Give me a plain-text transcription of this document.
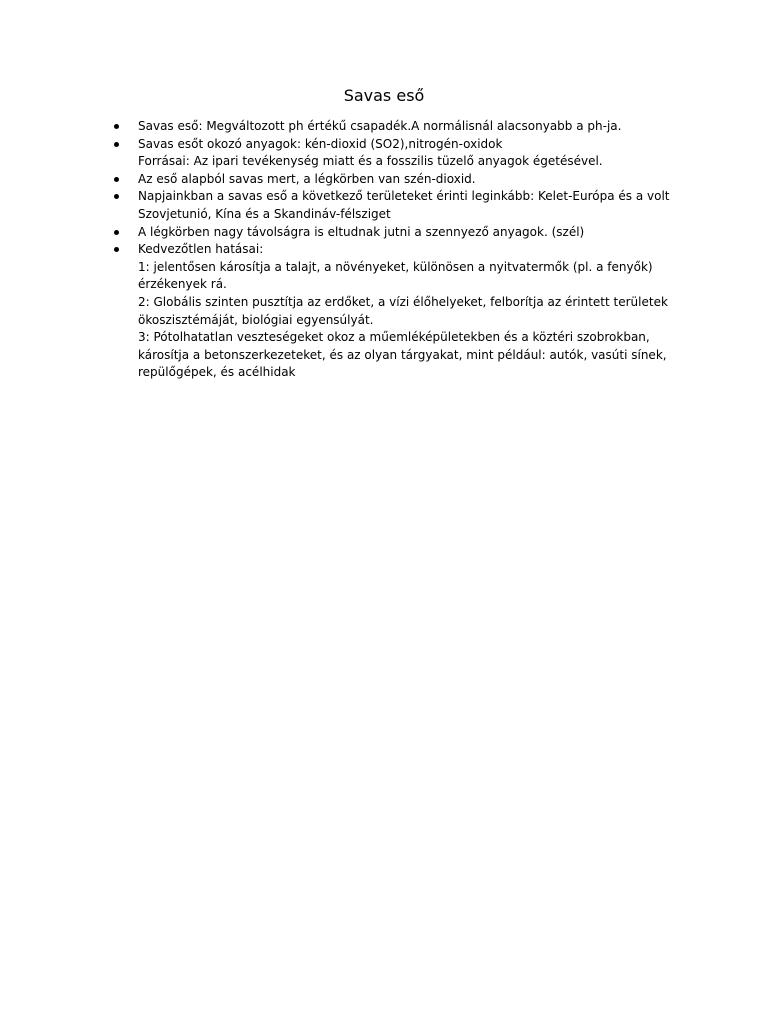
Savas eső
Savas eső: Megváltozott ph értékű csapadék.A normálisnál alacsonyabb a ph-ja.
Savas esőt okozó anyagok: kén-dioxid (SO2),nitrogén-oxidok
Forrásai: Az ipari tevékenység miatt és a fosszilis tüzelő anyagok égetésével.
Az eső alapból savas mert, a légkörben van szén-dioxid.
Napjainkban a savas eső a következő területeket érinti leginkább: Kelet-Európa és a volt
Szovjetunió, Kína és a Skandináv-félsziget
A légkörben nagy távolságra is eltudnak jutni a szennyező anyagok. (szél)
Kedvezőtlen hatásai:
1: jelentősen károsítja a talajt, a növényeket, különösen a nyitvatermők (pl. a fenyők)
érzékenyek rá.
2: Globális szinten pusztítja az erdőket, a vízi élőhelyeket, felborítja az érintett területek
ökoszisztémáját, biológiai egyensúlyát.
3: Pótolhatatlan veszteségeket okoz a műemléképületekben és a köztéri szobrokban,
károsítja a betonszerkezeteket, és az olyan tárgyakat, mint például: autók, vasúti sínek,
repülőgépek, és acélhidak
